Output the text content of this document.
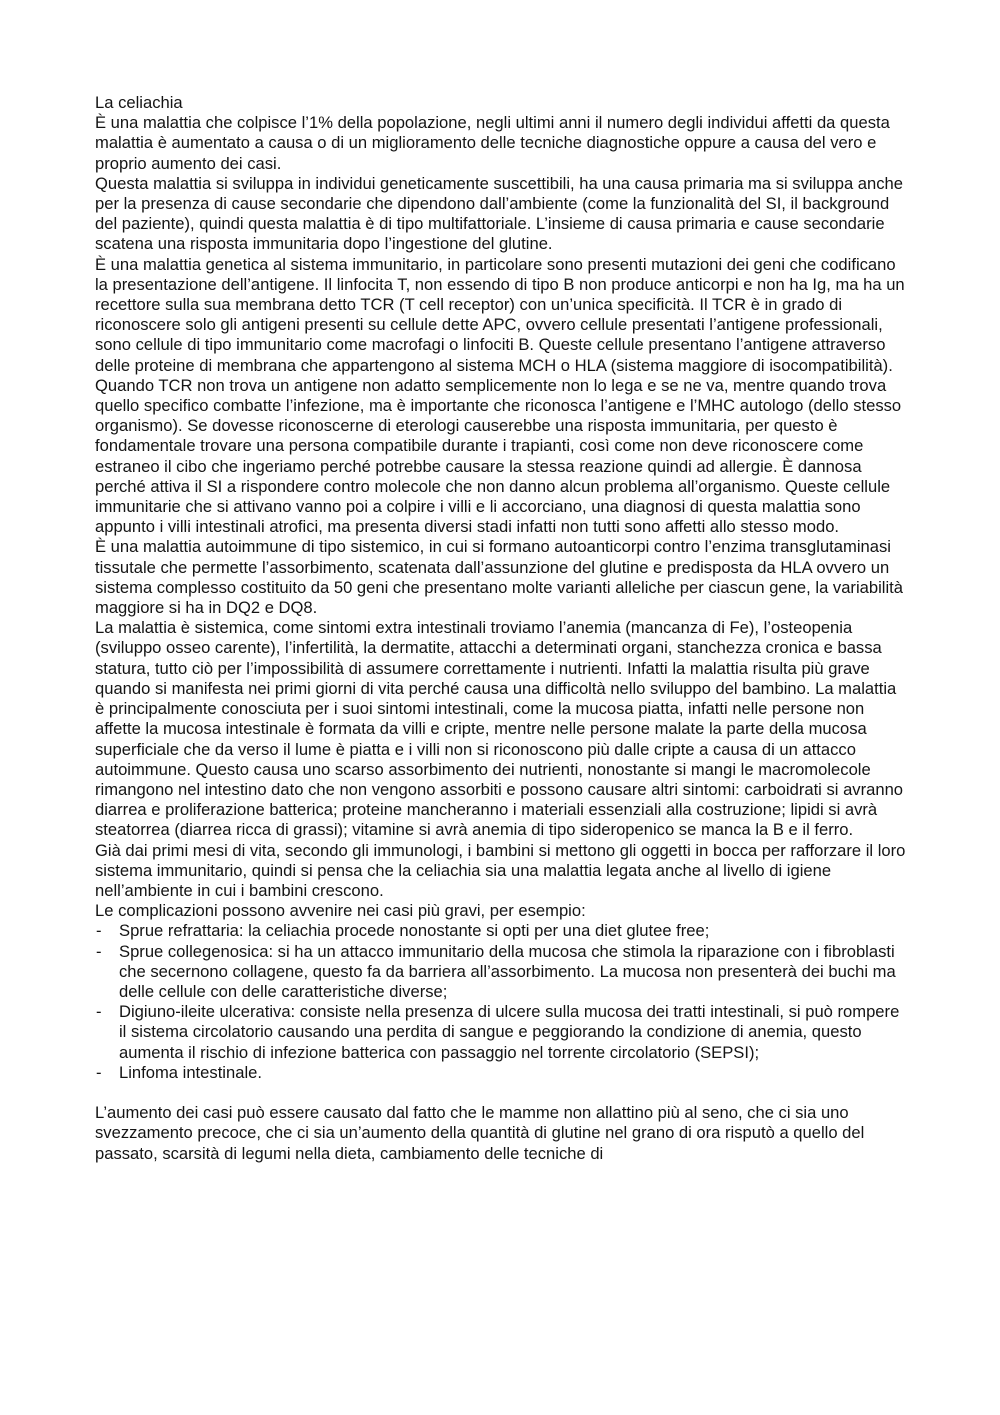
La celiachia

È una malattia che colpisce l’1% della popolazione, negli ultimi anni il numero degli individui affetti da questa malattia è aumentato a causa o di un miglioramento delle tecniche diagnostiche oppure a causa del vero e proprio aumento dei casi.

Questa malattia si sviluppa in individui geneticamente suscettibili, ha una causa primaria ma si sviluppa anche per la presenza di cause secondarie che dipendono dall’ambiente (come la funzionalità del SI, il background del paziente), quindi questa malattia è di tipo multifattoriale. L’insieme di causa primaria e cause secondarie scatena una risposta immunitaria dopo l’ingestione del glutine.

È una malattia genetica al sistema immunitario, in particolare sono presenti mutazioni dei geni che codificano la presentazione dell’antigene. Il linfocita T, non essendo di tipo B non produce anticorpi e non ha Ig, ma ha un recettore sulla sua membrana detto TCR (T cell receptor) con un’unica specificità. Il TCR è in grado di riconoscere solo gli antigeni presenti su cellule dette APC, ovvero cellule presentati l’antigene professionali, sono cellule di tipo immunitario come macrofagi o linfociti B. Queste cellule presentano l’antigene attraverso delle proteine di membrana che appartengono al sistema MCH o HLA (sistema maggiore di isocompatibilità). Quando TCR non trova un antigene non adatto semplicemente non lo lega e se ne va, mentre quando trova quello specifico combatte l’infezione, ma è importante che riconosca l’antigene e l’MHC autologo (dello stesso organismo). Se dovesse riconoscerne di eterologi causerebbe una risposta immunitaria, per questo è fondamentale trovare una persona compatibile durante i trapianti, così come non deve riconoscere come estraneo il cibo che ingeriamo perché potrebbe causare la stessa reazione quindi ad allergie. È dannosa perché attiva il SI a rispondere contro molecole che non danno alcun problema all’organismo. Queste cellule immunitarie che si attivano vanno poi a colpire i villi e li accorciano, una diagnosi di questa malattia sono appunto i villi intestinali atrofici, ma presenta diversi stadi infatti non tutti sono affetti allo stesso modo.

È una malattia autoimmune di tipo sistemico, in cui si formano autoanticorpi contro l’enzima transglutaminasi tissutale che permette l’assorbimento, scatenata dall’assunzione del glutine e predisposta da HLA ovvero un sistema complesso costituito da 50 geni che presentano molte varianti alleliche per ciascun gene, la variabilità maggiore si ha in DQ2 e DQ8.

La malattia è sistemica, come sintomi extra intestinali troviamo l’anemia (mancanza di Fe), l’osteopenia (sviluppo osseo carente), l’infertilità, la dermatite, attacchi a determinati organi, stanchezza cronica e bassa statura, tutto ciò per l’impossibilità di assumere correttamente i nutrienti. Infatti la malattia risulta più grave quando si manifesta nei primi giorni di vita perché causa una difficoltà nello sviluppo del bambino. La malattia è principalmente conosciuta per i suoi sintomi intestinali, come la mucosa piatta, infatti nelle persone non affette la mucosa intestinale è formata da villi e cripte, mentre nelle persone malate la parte della mucosa superficiale che da verso il lume è piatta e i villi non si riconoscono più dalle cripte a causa di un attacco autoimmune. Questo causa uno scarso assorbimento dei nutrienti, nonostante si mangi le macromolecole rimangono nel intestino dato che non vengono assorbiti e possono causare altri sintomi: carboidrati si avranno diarrea e proliferazione batterica; proteine mancheranno i materiali essenziali alla costruzione; lipidi si avrà steatorrea (diarrea ricca di grassi); vitamine si avrà anemia di tipo sideropenico se manca la B e il ferro.

Già dai primi mesi di vita, secondo gli immunologi, i bambini si mettono gli oggetti in bocca per rafforzare il loro sistema immunitario, quindi si pensa che la celiachia sia una malattia legata anche al livello di igiene nell’ambiente in cui i bambini crescono.

Le complicazioni possono avvenire nei casi più gravi, per esempio:

- Sprue refrattaria: la celiachia procede nonostante si opti per una diet glutee free;
- Sprue collegenosica: si ha un attacco immunitario della mucosa che stimola la riparazione con i fibroblasti che secernono collagene, questo fa da barriera all’assorbimento. La mucosa non presenterà dei buchi ma delle cellule con delle caratteristiche diverse;
- Digiuno-ileite ulcerativa: consiste nella presenza di ulcere sulla mucosa dei tratti intestinali, si può rompere il sistema circolatorio causando una perdita di sangue e peggiorando la condizione di anemia, questo aumenta il rischio di infezione batterica con passaggio nel torrente circolatorio (SEPSI);
- Linfoma intestinale.

L’aumento dei casi può essere causato dal fatto che le mamme non allattino più al seno, che ci sia uno svezzamento precoce, che ci sia un’aumento della quantità di glutine nel grano di ora risputò a quello del passato, scarsità di legumi nella dieta, cambiamento delle tecniche di
